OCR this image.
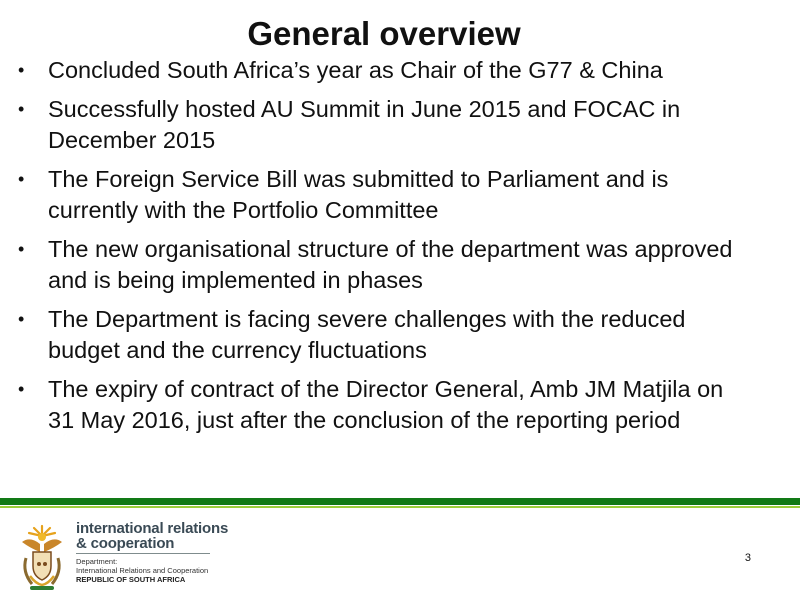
General overview
• Concluded South Africa’s year as Chair of the G77 & China
• Successfully hosted AU Summit in June 2015 and FOCAC in December 2015
• The Foreign Service Bill was submitted to Parliament and is currently with the Portfolio Committee
• The new organisational structure of the department was approved and is being implemented in phases
• The Department is facing severe challenges with the reduced budget and the currency fluctuations
• The expiry of contract of the Director General, Amb JM Matjila on 31 May 2016, just after the conclusion of the reporting period
international relations
& cooperation
Department:
International Relations and Cooperation
REPUBLIC OF SOUTH AFRICA
3
